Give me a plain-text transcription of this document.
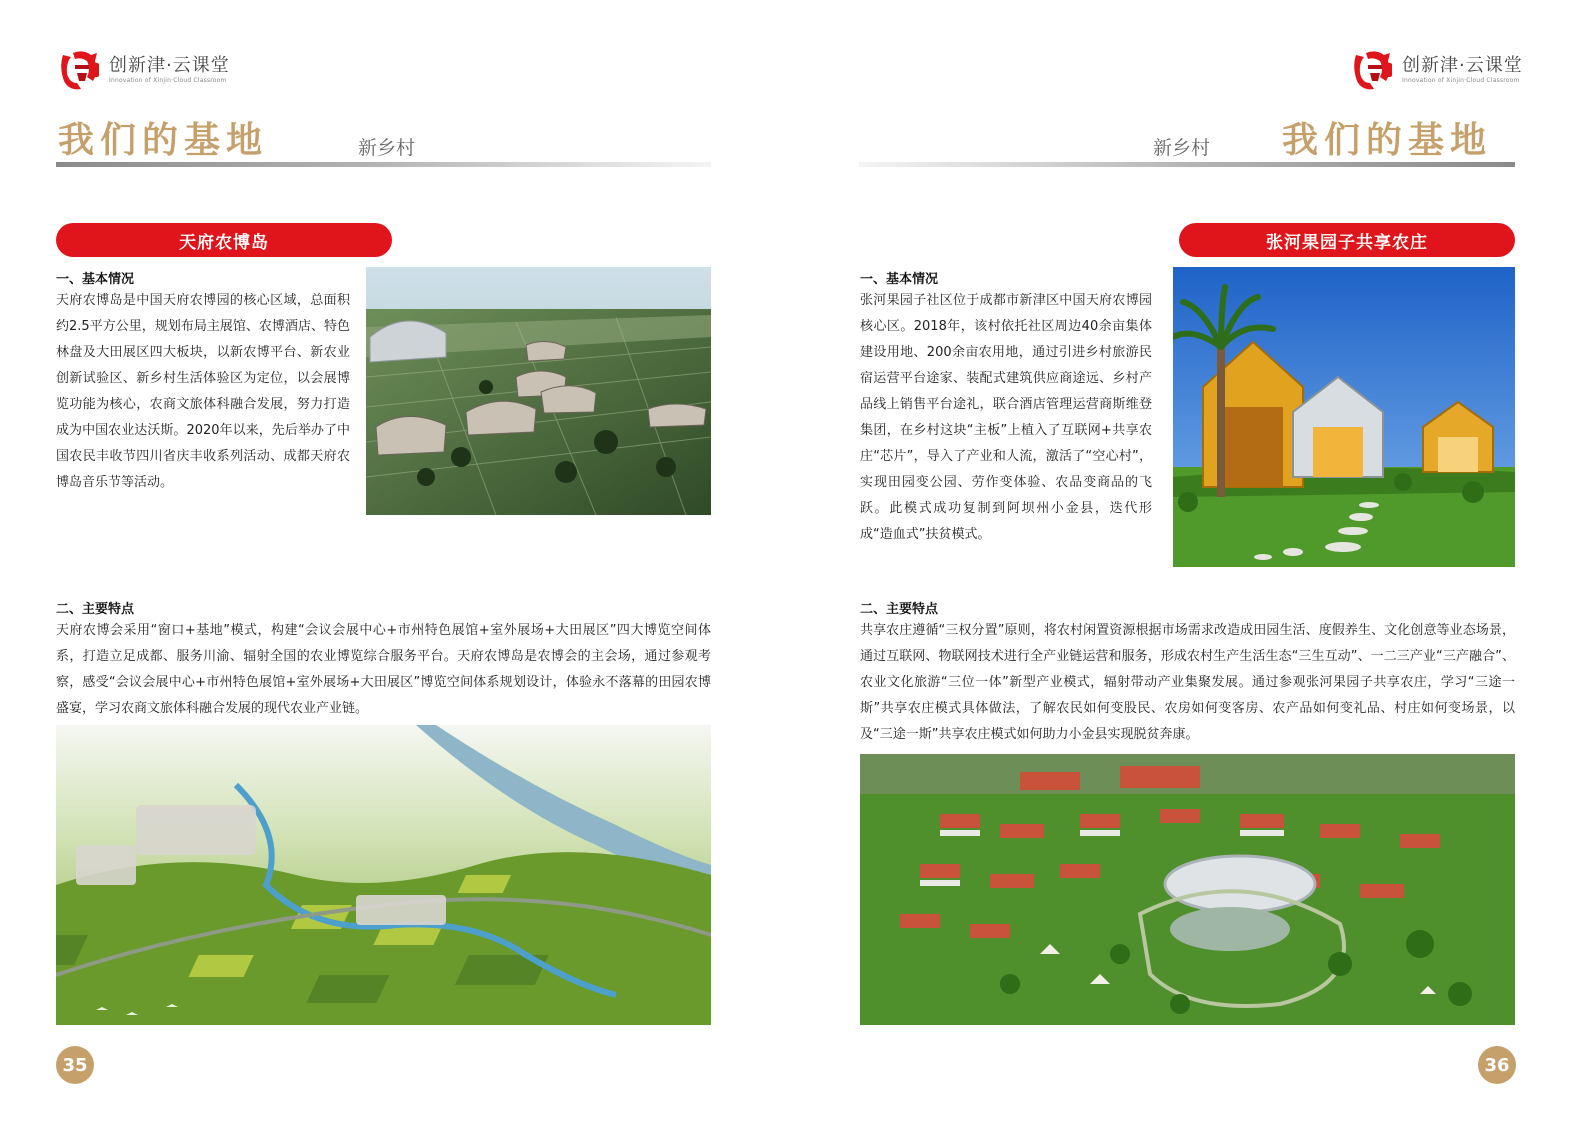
创新津·云课堂
Innovation of Xinjin·Cloud Classroom
我们的基地	新乡村
天府农博岛
一、基本情况
天府农博岛是中国天府农博园的核心区域，总面积约2.5平方公里，规划布局主展馆、农博酒店、特色林盘及大田展区四大板块，以新农博平台、新农业创新试验区、新乡村生活体验区为定位，以会展博览功能为核心，农商文旅体科融合发展，努力打造成为中国农业达沃斯。2020年以来，先后举办了中国农民丰收节四川省庆丰收系列活动、成都天府农博岛音乐节等活动。
二、主要特点
天府农博会采用“窗口+基地”模式，构建“会议会展中心+市州特色展馆+室外展场+大田展区”四大博览空间体系，打造立足成都、服务川渝、辐射全国的农业博览综合服务平台。天府农博岛是农博会的主会场，通过参观考察，感受“会议会展中心+市州特色展馆+室外展场+大田展区”博览空间体系规划设计，体验永不落幕的田园农博盛宴，学习农商文旅体科融合发展的现代农业产业链。
35
创新津·云课堂
Innovation of Xinjin·Cloud Classroom
我们的基地
新乡村
张河果园子共享农庄
一、基本情况
张河果园子社区位于成都市新津区中国天府农博园核心区。2018年，该村依托社区周边40余亩集体建设用地、200余亩农用地，通过引进乡村旅游民宿运营平台途家、装配式建筑供应商途远、乡村产品线上销售平台途礼，联合酒店管理运营商斯维登集团，在乡村这块“主板”上植入了互联网+共享农庄“芯片”，导入了产业和人流，激活了“空心村”，实现田园变公园、劳作变体验、农品变商品的飞跃。此模式成功复制到阿坝州小金县，迭代形成“造血式”扶贫模式。
二、主要特点
共享农庄遵循“三权分置”原则，将农村闲置资源根据市场需求改造成田园生活、度假养生、文化创意等业态场景，通过互联网、物联网技术进行全产业链运营和服务，形成农村生产生活生态“三生互动”、一二三产业“三产融合”、农业文化旅游“三位一体”新型产业模式，辐射带动产业集聚发展。通过参观张河果园子共享农庄，学习“三途一斯”共享农庄模式具体做法，了解农民如何变股民、农房如何变客房、农产品如何变礼品、村庄如何变场景，以及“三途一斯”共享农庄模式如何助力小金县实现脱贫奔康。
36
